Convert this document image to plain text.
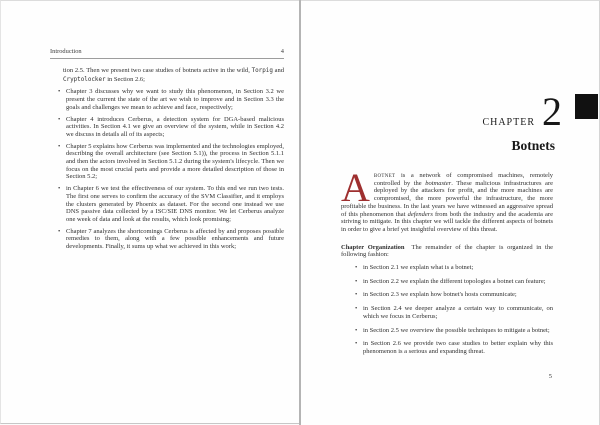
Introduction	4

tion 2.5. Then we present two case studies of botnets active in the wild, Torpig and Cryptolocker in Section 2.6;

• Chapter 3 discusses why we want to study this phenomenon, in Section 3.2 we present the current the state of the art we wish to improve and in Section 3.3 the goals and challenges we mean to achieve and face, respectively;

• Chapter 4 introduces Cerberus, a detection system for DGA-based malicious activities. In Section 4.1 we give an overview of the system, while in Section 4.2 we discuss in details all of its aspects;

• Chapter 5 explains how Cerberus was implemented and the technologies employed, describing the overall architecture (see Section 5.1)), the process in Section 5.1.1 and then the actors involved in Section 5.1.2 during the system's lifecycle. Then we focus on the most crucial parts and provide a more detailed description of those in Section 5.2;

• in Chapter 6 we test the effectiveness of our system. To this end we run two tests. The first one serves to confirm the accuracy of the SVM Classifier, and it employs the clusters generated by Phoenix as dataset. For the second one instead we use DNS passive data collected by a ISC/SIE DNS monitor. We let Cerberus analyze one week of data and look at the results, which look promising;

• Chapter 7 analyzes the shortcomings Cerberus is affected by and proposes possible remedies to them, along with a few possible enhancements and future developments. Finally, it sums up what we achieved in this work;

CHAPTER 2
Botnets

Abotnet is a network of compromised machines, remotely controlled by the botmaster. These malicious infrastructures are deployed by the attackers for profit, and the more machines are compromised, the more powerful the infrastructure, the more profitable the business. In the last years we have witnessed an aggressive spread of this phenomenon that defenders from both the industry and the academia are striving to mitigate. In this chapter we will tackle the different aspects of botnets in order to give a brief yet insightful overview of this threat.

Chapter Organization The remainder of the chapter is organized in the following fashion:

• in Section 2.1 we explain what is a botnet;

• in Section 2.2 we explain the different topologies a botnet can feature;

• in Section 2.3 we explain how botnet's hosts communicate;

• in Section 2.4 we deeper analyze a certain way to communicate, on which we focus in Cerberus;

• in Section 2.5 we overview the possible techniques to mitigate a botnet;

• in Section 2.6 we provide two case studies to better explain why this phenomenon is a serious and expanding threat.

5
